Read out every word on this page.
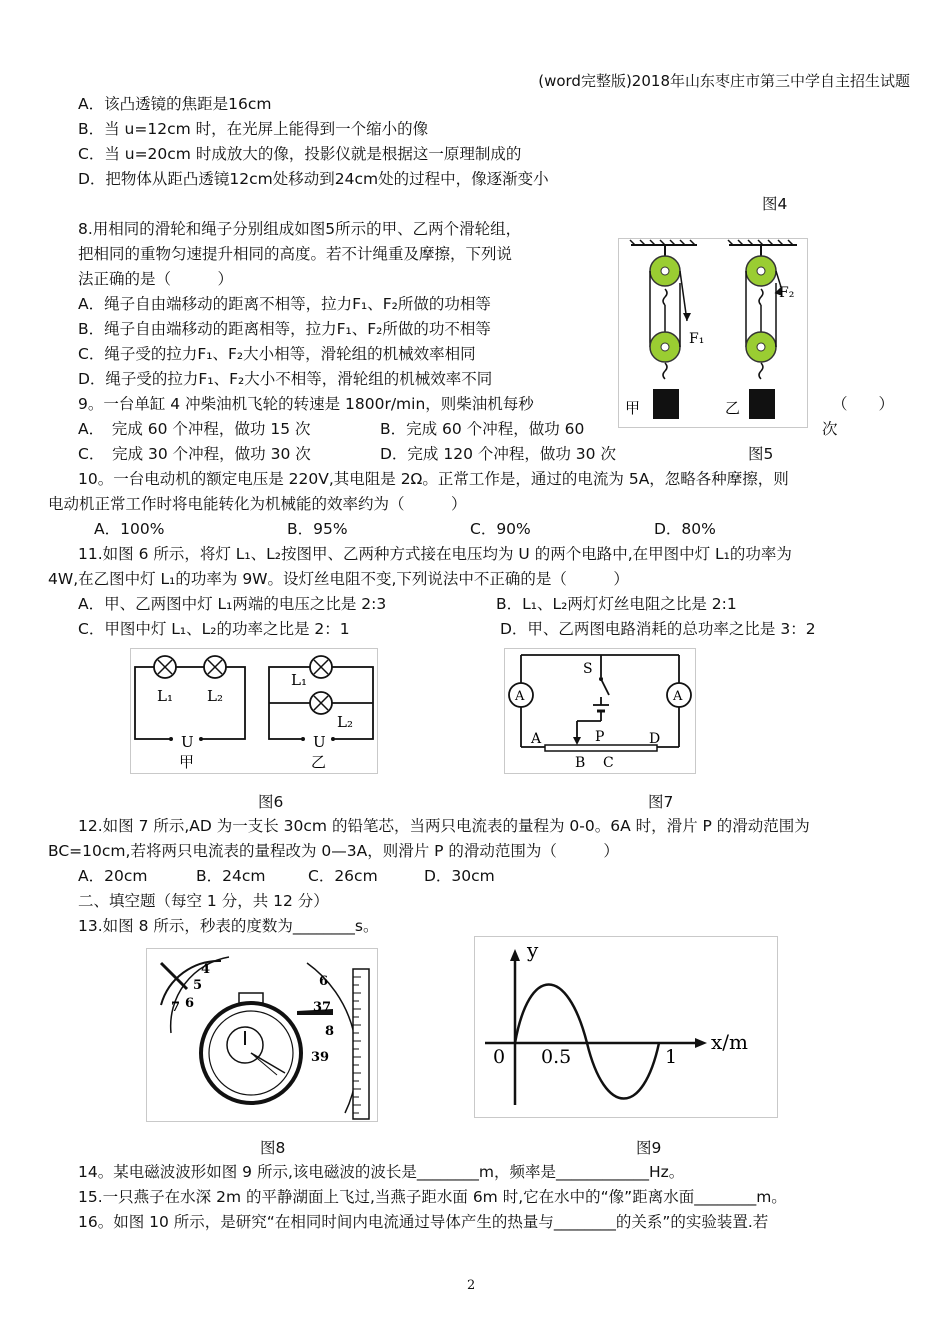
(word完整版)2018年山东枣庄市第三中学自主招生试题
A．该凸透镜的焦距是16cm
B．当 u=12cm 时，在光屏上能得到一个缩小的像
C．当 u=20cm 时成放大的像，投影仪就是根据这一原理制成的
D．把物体从距凸透镜12cm处移动到24cm处的过程中，像逐渐变小
图4
8.用相同的滑轮和绳子分别组成如图5所示的甲、乙两个滑轮组，
把相同的重物匀速提升相同的高度。若不计绳重及摩擦，下列说
法正确的是（　　　）
A．绳子自由端移动的距离不相等，拉力F₁、F₂所做的功相等
B．绳子自由端移动的距离相等，拉力F₁、F₂所做的功不相等
C．绳子受的拉力F₁、F₂大小相等，滑轮组的机械效率相同
D．绳子受的拉力F₁、F₂大小不相等，滑轮组的机械效率不同
9。一台单缸 4 冲柴油机飞轮的转速是 1800r/min，则柴油机每秒	（　　）
A．　完成 60 个冲程，做功 15 次	B．完成 60 个冲程，做功 60	次
C．　完成 30 个冲程，做功 30 次	D．完成 120 个冲程，做功 30 次	图5
甲
F₁
F₂
乙
10。一台电动机的额定电压是 220V,其电阻是 2Ω。正常工作是，通过的电流为 5A，忽略各种摩擦，则
电动机正常工作时将电能转化为机械能的效率约为（　　　）
A．100%	B．95%	C．90%	D．80%
11.如图 6 所示，将灯 L₁、L₂按图甲、乙两种方式接在电压均为 U 的两个电路中,在甲图中灯 L₁的功率为
4W,在乙图中灯 L₁的功率为 9W。设灯丝电阻不变,下列说法中不正确的是（　　　）
A．甲、乙两图中灯 L₁两端的电压之比是 2:3	B．L₁、L₂两灯灯丝电阻之比是 2:1
C．甲图中灯 L₁、L₂的功率之比是 2：1	D．甲、乙两图电路消耗的总功率之比是 3：2
L₁ L₂
U
甲
L₁
L₂
U
乙
图6
A	A
S
A	P	D
B C
图7
12.如图 7 所示,AD 为一支长 30cm 的铅笔芯，当两只电流表的量程为 0-0。6A 时，滑片 P 的滑动范围为
BC=10cm,若将两只电流表的量程改为 0—3A，则滑片 P 的滑动范围为（　　　）
A．20cm	B．24cm	C．26cm	D．30cm
二、填空题（每空 1 分，共 12 分）
13.如图 8 所示，秒表的度数为________s。
4
5
6
7
6
37
8
39
图8
y
x/m
0 0.5	1
图9
14。某电磁波波形如图 9 所示,该电磁波的波长是________m，频率是____________Hz。
15.一只燕子在水深 2m 的平静湖面上飞过,当燕子距水面 6m 时,它在水中的“像”距离水面________m。
16。如图 10 所示，是研究“在相同时间内电流通过导体产生的热量与________的关系”的实验装置.若
2
